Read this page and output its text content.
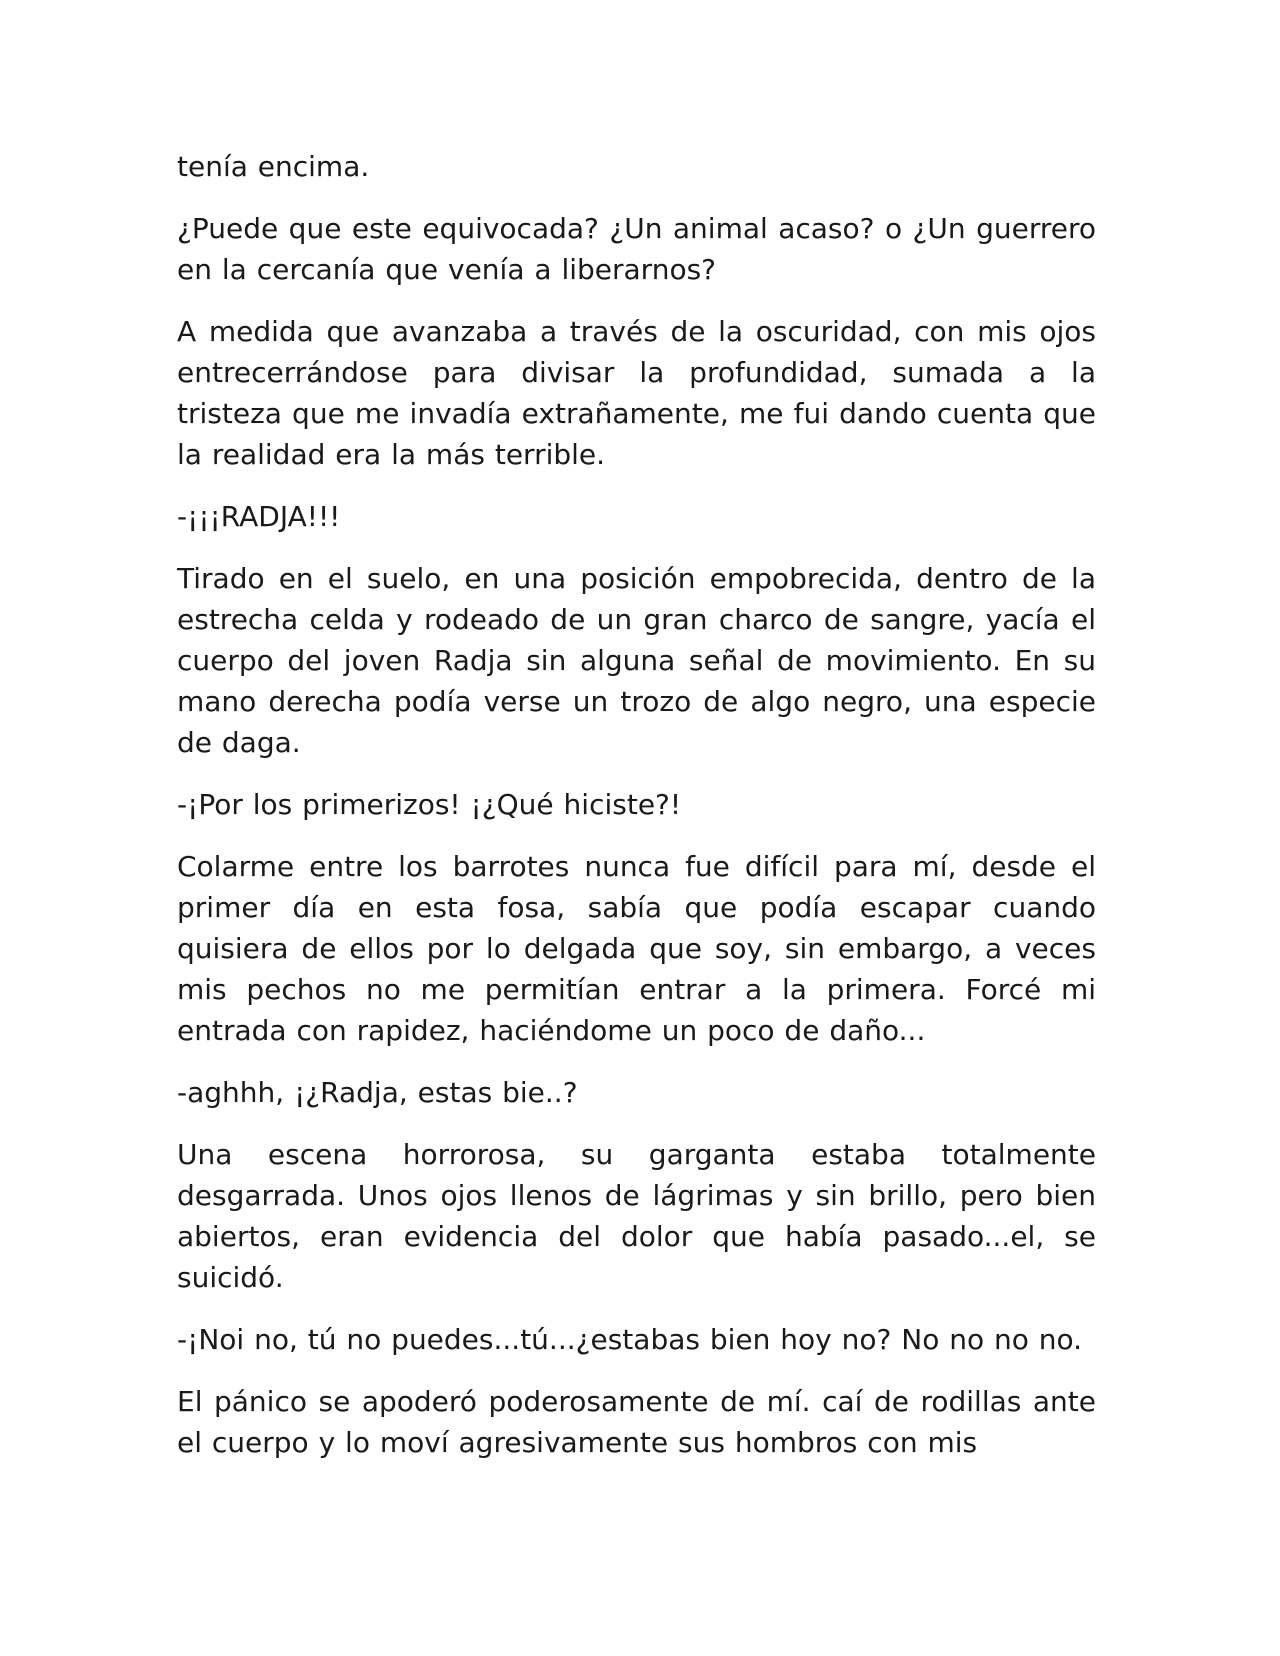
tenía encima.

¿Puede que este equivocada? ¿Un animal acaso? o ¿Un guerrero en la cercanía que venía a liberarnos?

A medida que avanzaba a través de la oscuridad, con mis ojos entrecerrándose para divisar la profundidad, sumada a la tristeza que me invadía extrañamente, me fui dando cuenta que la realidad era la más terrible.

-¡¡¡RADJA!!!

Tirado en el suelo, en una posición empobrecida, dentro de la estrecha celda y rodeado de un gran charco de sangre, yacía el cuerpo del joven Radja sin alguna señal de movimiento. En su mano derecha podía verse un trozo de algo negro, una especie de daga.

-¡Por los primerizos! ¡¿Qué hiciste?!

Colarme entre los barrotes nunca fue difícil para mí, desde el primer día en esta fosa, sabía que podía escapar cuando quisiera de ellos por lo delgada que soy, sin embargo, a veces mis pechos no me permitían entrar a la primera. Forcé mi entrada con rapidez, haciéndome un poco de daño...

-aghhh, ¡¿Radja, estas bie..?

Una escena horrorosa, su garganta estaba totalmente desgarrada. Unos ojos llenos de lágrimas y sin brillo, pero bien abiertos, eran evidencia del dolor que había pasado...el, se suicidó.

-¡Noi no, tú no puedes...tú...¿estabas bien hoy no? No no no no.

El pánico se apoderó poderosamente de mí. caí de rodillas ante el cuerpo y lo moví agresivamente sus hombros con mis
